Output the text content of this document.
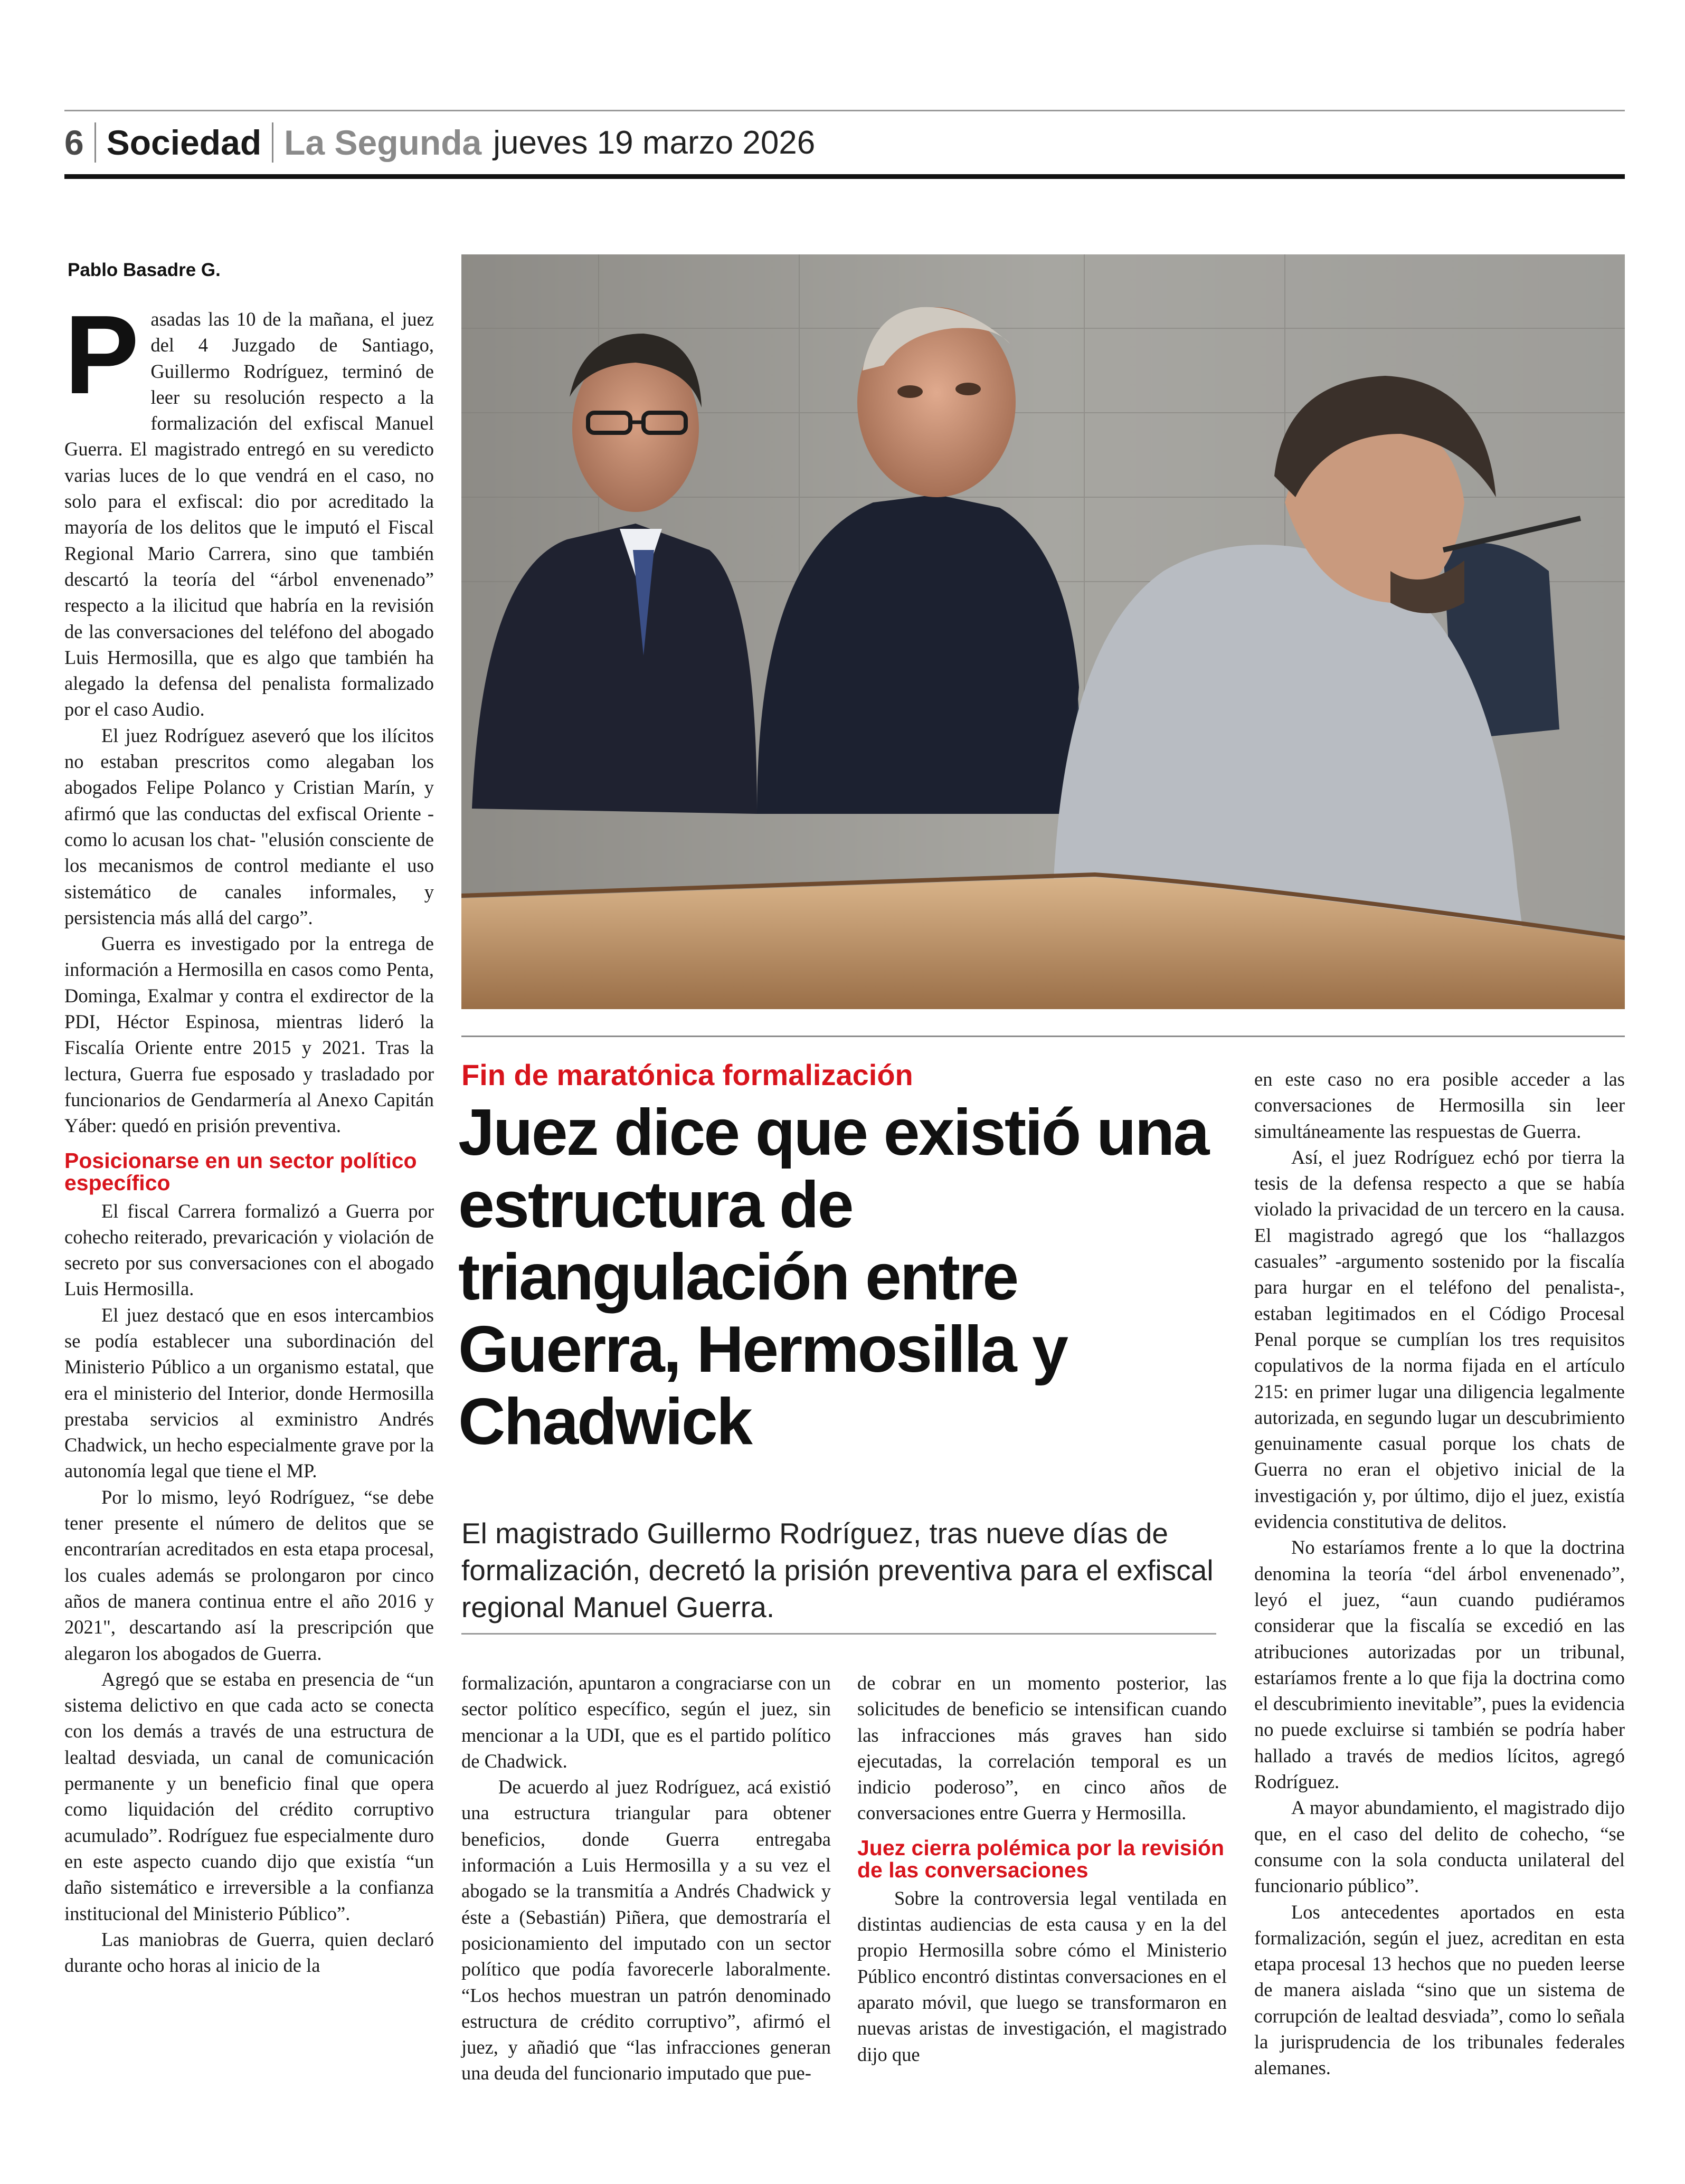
6 Sociedad La Segunda jueves 19 marzo 2026
Pablo Basadre G.

Pasadas las 10 de la mañana, el juez del 4 Juzgado de Santiago, Guillermo Rodríguez, terminó de leer su resolución respecto a la formalización del exfiscal Manuel Guerra. El magistrado entregó en su veredicto varias luces de lo que vendrá en el caso, no solo para el exfiscal: dio por acreditado la mayoría de los delitos que le imputó el Fiscal Regional Mario Carrera, sino que también descartó la teoría del “árbol envenenado” respecto a la ilicitud que habría en la revisión de las conversaciones del teléfono del abogado Luis Hermosilla, que es algo que también ha alegado la defensa del penalista formalizado por el caso Audio.

El juez Rodríguez aseveró que los ilícitos no estaban prescritos como alegaban los abogados Felipe Polanco y Cristian Marín, y afirmó que las conductas del exfiscal Oriente -como lo acusan los chat- "elusión consciente de los mecanismos de control mediante el uso sistemático de canales informales, y persistencia más allá del cargo”.

Guerra es investigado por la entrega de información a Hermosilla en casos como Penta, Dominga, Exalmar y contra el exdirector de la PDI, Héctor Espinosa, mientras lideró la Fiscalía Oriente entre 2015 y 2021. Tras la lectura, Guerra fue esposado y trasladado por funcionarios de Gendarmería al Anexo Capitán Yáber: quedó en prisión preventiva.

Posicionarse en un sector político específico

El fiscal Carrera formalizó a Guerra por cohecho reiterado, prevaricación y violación de secreto por sus conversaciones con el abogado Luis Hermosilla.

El juez destacó que en esos intercambios se podía establecer una subordinación del Ministerio Público a un organismo estatal, que era el ministerio del Interior, donde Hermosilla prestaba servicios al exministro Andrés Chadwick, un hecho especialmente grave por la autonomía legal que tiene el MP.

Por lo mismo, leyó Rodríguez, “se debe tener presente el número de delitos que se encontrarían acreditados en esta etapa procesal, los cuales además se prolongaron por cinco años de manera continua entre el año 2016 y 2021", descartando así la prescripción que alegaron los abogados de Guerra.

Agregó que se estaba en presencia de “un sistema delictivo en que cada acto se conecta con los demás a través de una estructura de lealtad desviada, un canal de comunicación permanente y un beneficio final que opera como liquidación del crédito corruptivo acumulado”. Rodríguez fue especialmente duro en este aspecto cuando dijo que existía “un daño sistemático e irreversible a la confianza institucional del Ministerio Público”.

Las maniobras de Guerra, quien declaró durante ocho horas al inicio de la

Fin de maratónica formalización
Juez dice que existió una estructura de triangulación entre Guerra, Hermosilla y Chadwick
El magistrado Guillermo Rodríguez, tras nueve días de formalización, decretó la prisión preventiva para el exfiscal regional Manuel Guerra.

formalización, apuntaron a congraciarse con un sector político específico, según el juez, sin mencionar a la UDI, que es el partido político de Chadwick.

De acuerdo al juez Rodríguez, acá existió una estructura triangular para obtener beneficios, donde Guerra entregaba información a Luis Hermosilla y a su vez el abogado se la transmitía a Andrés Chadwick y éste a (Sebastián) Piñera, que demostraría el posicionamiento del imputado con un sector político que podía favorecerle laboralmente. “Los hechos muestran un patrón denominado estructura de crédito corruptivo”, afirmó el juez, y añadió que “las infracciones generan una deuda del funcionario imputado que pue-

de cobrar en un momento posterior, las solicitudes de beneficio se intensifican cuando las infracciones más graves han sido ejecutadas, la correlación temporal es un indicio poderoso”, en cinco años de conversaciones entre Guerra y Hermosilla.

Juez cierra polémica por la revisión de las conversaciones

Sobre la controversia legal ventilada en distintas audiencias de esta causa y en la del propio Hermosilla sobre cómo el Ministerio Público encontró distintas conversaciones en el aparato móvil, que luego se transformaron en nuevas aristas de investigación, el magistrado dijo que

en este caso no era posible acceder a las conversaciones de Hermosilla sin leer simultáneamente las respuestas de Guerra.

Así, el juez Rodríguez echó por tierra la tesis de la defensa respecto a que se había violado la privacidad de un tercero en la causa. El magistrado agregó que los “hallazgos casuales” -argumento sostenido por la fiscalía para hurgar en el teléfono del penalista-, estaban legitimados en el Código Procesal Penal porque se cumplían los tres requisitos copulativos de la norma fijada en el artículo 215: en primer lugar una diligencia legalmente autorizada, en segundo lugar un descubrimiento genuinamente casual porque los chats de Guerra no eran el objetivo inicial de la investigación y, por último, dijo el juez, existía evidencia constitutiva de delitos.

No estaríamos frente a lo que la doctrina denomina la teoría “del árbol envenenado”, leyó el juez, “aun cuando pudiéramos considerar que la fiscalía se excedió en las atribuciones autorizadas por un tribunal, estaríamos frente a lo que fija la doctrina como el descubrimiento inevitable”, pues la evidencia no puede excluirse si también se podría haber hallado a través de medios lícitos, agregó Rodríguez.

A mayor abundamiento, el magistrado dijo que, en el caso del delito de cohecho, “se consume con la sola conducta unilateral del funcionario público”.

Los antecedentes aportados en esta formalización, según el juez, acreditan en esta etapa procesal 13 hechos que no pueden leerse de manera aislada “sino que un sistema de corrupción de lealtad desviada”, como lo señala la jurisprudencia de los tribunales federales alemanes.
